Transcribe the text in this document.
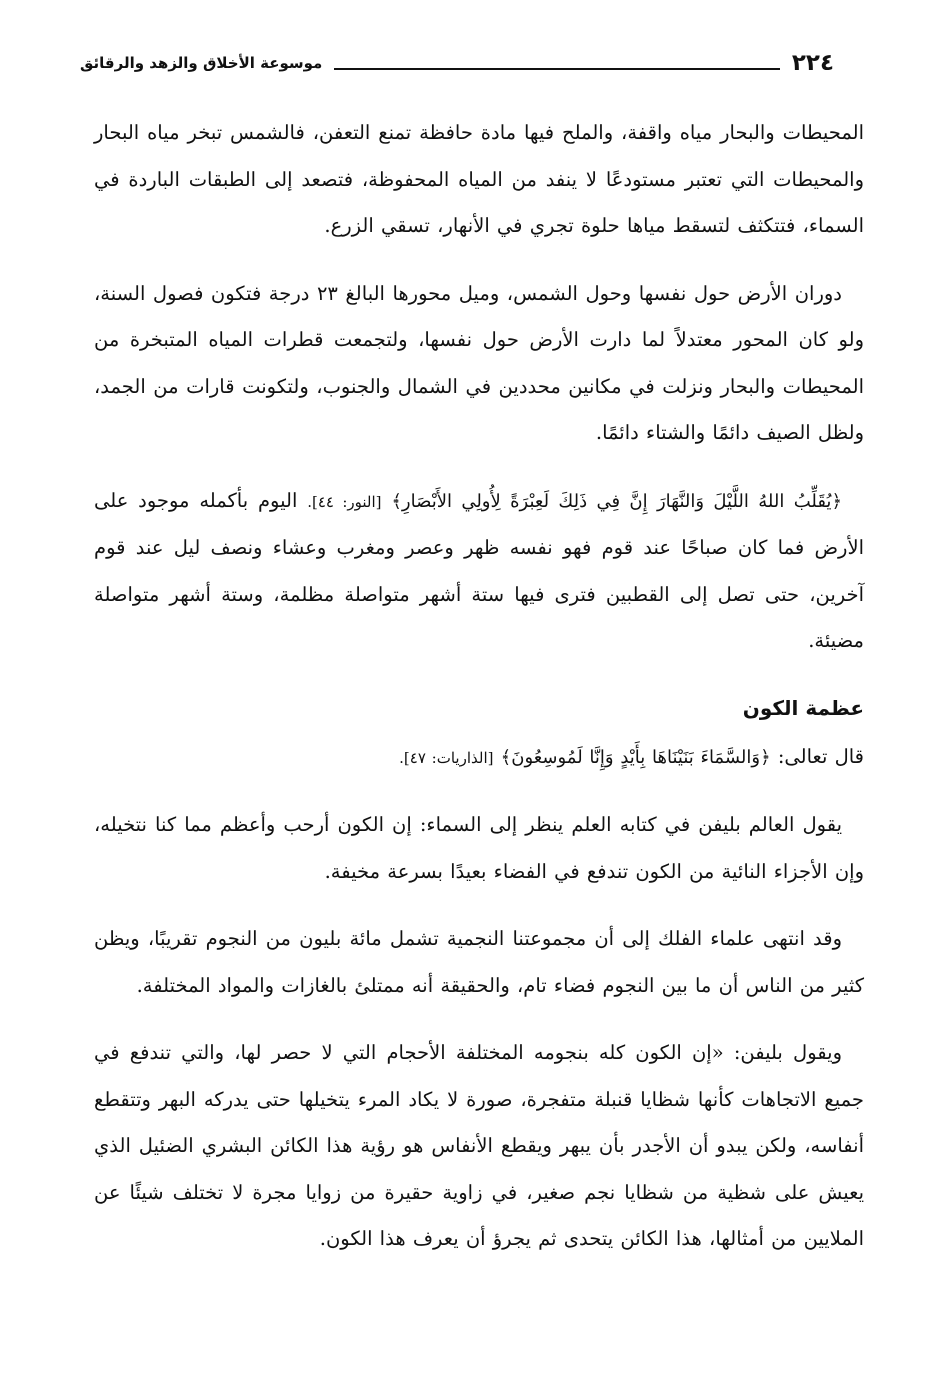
٢٢٤
موسوعة الأخلاق والزهد والرقائق

المحيطات والبحار مياه واقفة، والملح فيها مادة حافظة تمنع التعفن، فالشمس تبخر مياه البحار والمحيطات التي تعتبر مستودعًا لا ينفد من المياه المحفوظة، فتصعد إلى الطبقات الباردة في السماء، فتتكثف لتسقط مياها حلوة تجري في الأنهار، تسقي الزرع.

دوران الأرض حول نفسها وحول الشمس، وميل محورها البالغ ٢٣ درجة فتكون فصول السنة، ولو كان المحور معتدلاً لما دارت الأرض حول نفسها، ولتجمعت قطرات المياه المتبخرة من المحيطات والبحار ونزلت في مكانين محددين في الشمال والجنوب، ولتكونت قارات من الجمد، ولظل الصيف دائمًا والشتاء دائمًا.

﴿يُقَلِّبُ اللهُ اللَّيْلَ وَالنَّهَارَ إِنَّ فِي ذَلِكَ لَعِبْرَةً لِأُولِي الأَبْصَارِ﴾ [النور: ٤٤]. اليوم بأكمله موجود على الأرض فما كان صباحًا عند قوم فهو نفسه ظهر وعصر ومغرب وعشاء ونصف ليل عند قوم آخرين، حتى تصل إلى القطبين فترى فيها ستة أشهر متواصلة مظلمة، وستة أشهر متواصلة مضيئة.

عظمة الكون

قال تعالى: ﴿وَالسَّمَاءَ بَنَيْنَاهَا بِأَيْدٍ وَإِنَّا لَمُوسِعُونَ﴾ [الذاريات: ٤٧].

يقول العالم بليفن في كتابه العلم ينظر إلى السماء: إن الكون أرحب وأعظم مما كنا نتخيله، وإن الأجزاء النائية من الكون تندفع في الفضاء بعيدًا بسرعة مخيفة.

وقد انتهى علماء الفلك إلى أن مجموعتنا النجمية تشمل مائة بليون من النجوم تقريبًا، ويظن كثير من الناس أن ما بين النجوم فضاء تام، والحقيقة أنه ممتلئ بالغازات والمواد المختلفة.

ويقول بليفن: «إن الكون كله بنجومه المختلفة الأحجام التي لا حصر لها، والتي تندفع في جميع الاتجاهات كأنها شظايا قنبلة متفجرة، صورة لا يكاد المرء يتخيلها حتى يدركه البهر وتتقطع أنفاسه، ولكن يبدو أن الأجدر بأن يبهر ويقطع الأنفاس هو رؤية هذا الكائن البشري الضئيل الذي يعيش على شظية من شظايا نجم صغير، في زاوية حقيرة من زوايا مجرة لا تختلف شيئًا عن الملايين من أمثالها، هذا الكائن يتحدى ثم يجرؤ أن يعرف هذا الكون.
